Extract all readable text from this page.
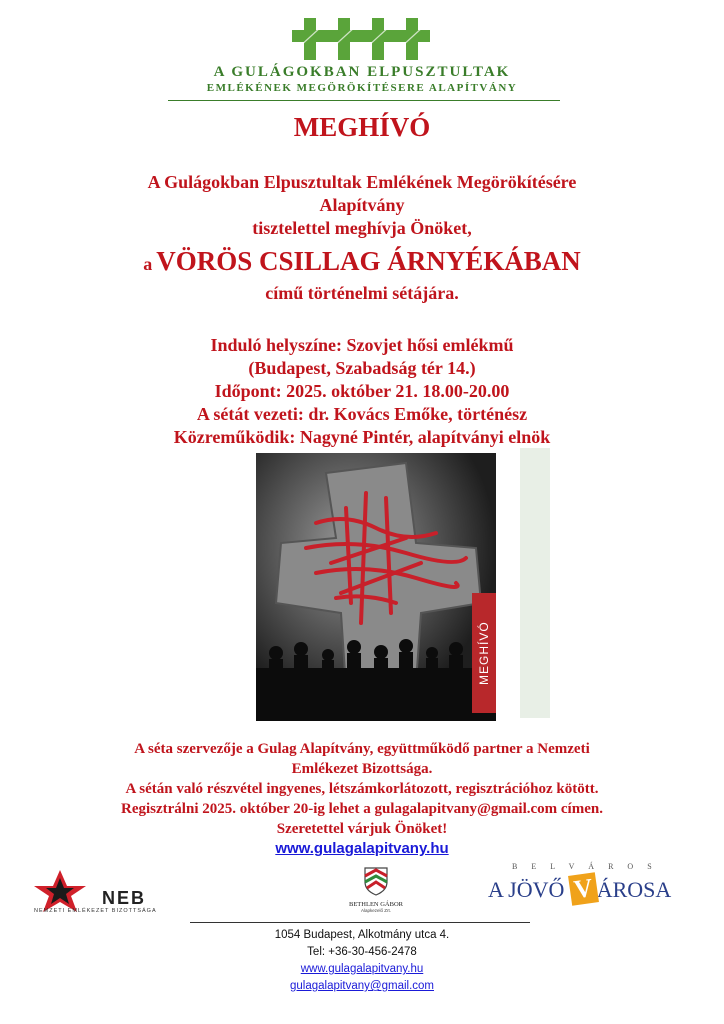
A GULÁGOKBAN ELPUSZTULTAK
EMLÉKÉNEK MEGÖRÖKÍTÉSERE ALAPÍTVÁNY
MEGHÍVÓ
A Gulágokban Elpusztultak Emlékének Megörökítésére
Alapítvány
tisztelettel meghívja Önöket,
a VÖRÖS CSILLAG ÁRNYÉKÁBAN
című történelmi sétájára.
Induló helyszíne: Szovjet hősi emlékmű
(Budapest, Szabadság tér 14.)
Időpont: 2025. október 21. 18.00-20.00
A sétát vezeti: dr. Kovács Emőke, történész
Közreműködik: Nagyné Pintér, alapítványi elnök
MEGHÍVÓ
A séta szervezője a Gulag Alapítvány, együttműködő partner a Nemzeti
Emlékezet Bizottsága.
A sétán való részvétel ingyenes, létszámkorlátozott, regisztrációhoz kötött.
Regisztrálni 2025. október 20-ig lehet a gulagalapitvany@gmail.com címen.
Szeretettel várjuk Önöket!
www.gulagalapitvany.hu
NEB
NEMZETI EMLÉKEZET BIZOTTSÁGA
BETHLEN GÁBOR
Alapkezelő Zrt.
B E L V Á R O S
A JÖVŐ VÁROSA
1054 Budapest, Alkotmány utca 4.
Tel: +36-30-456-2478
www.gulagalapitvany.hu
gulagalapitvany@gmail.com
